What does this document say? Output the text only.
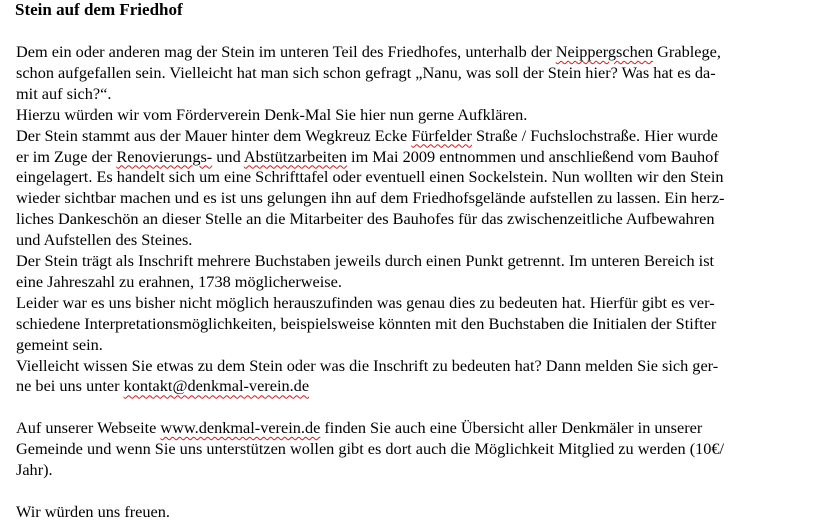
Stein auf dem Friedhof
Dem ein oder anderen mag der Stein im unteren Teil des Friedhofes, unterhalb der Neippergschen Grablege,
schon aufgefallen sein. Vielleicht hat man sich schon gefragt „Nanu, was soll der Stein hier? Was hat es da-
mit auf sich?“.
Hierzu würden wir vom Förderverein Denk-Mal Sie hier nun gerne Aufklären.
Der Stein stammt aus der Mauer hinter dem Wegkreuz Ecke Fürfelder Straße / Fuchslochstraße. Hier wurde
er im Zuge der Renovierungs- und Abstützarbeiten im Mai 2009 entnommen und anschließend vom Bauhof
eingelagert. Es handelt sich um eine Schrifttafel oder eventuell einen Sockelstein. Nun wollten wir den Stein
wieder sichtbar machen und es ist uns gelungen ihn auf dem Friedhofsgelände aufstellen zu lassen. Ein herz-
liches Dankeschön an dieser Stelle an die Mitarbeiter des Bauhofes für das zwischenzeitliche Aufbewahren
und Aufstellen des Steines.
Der Stein trägt als Inschrift mehrere Buchstaben jeweils durch einen Punkt getrennt. Im unteren Bereich ist
eine Jahreszahl zu erahnen, 1738 möglicherweise.
Leider war es uns bisher nicht möglich herauszufinden was genau dies zu bedeuten hat. Hierfür gibt es ver-
schiedene Interpretationsmöglichkeiten, beispielsweise könnten mit den Buchstaben die Initialen der Stifter
gemeint sein.
Vielleicht wissen Sie etwas zu dem Stein oder was die Inschrift zu bedeuten hat? Dann melden Sie sich ger-
ne bei uns unter kontakt@denkmal-verein.de
Auf unserer Webseite www.denkmal-verein.de finden Sie auch eine Übersicht aller Denkmäler in unserer
Gemeinde und wenn Sie uns unterstützen wollen gibt es dort auch die Möglichkeit Mitglied zu werden (10€/
Jahr).
Wir würden uns freuen.
